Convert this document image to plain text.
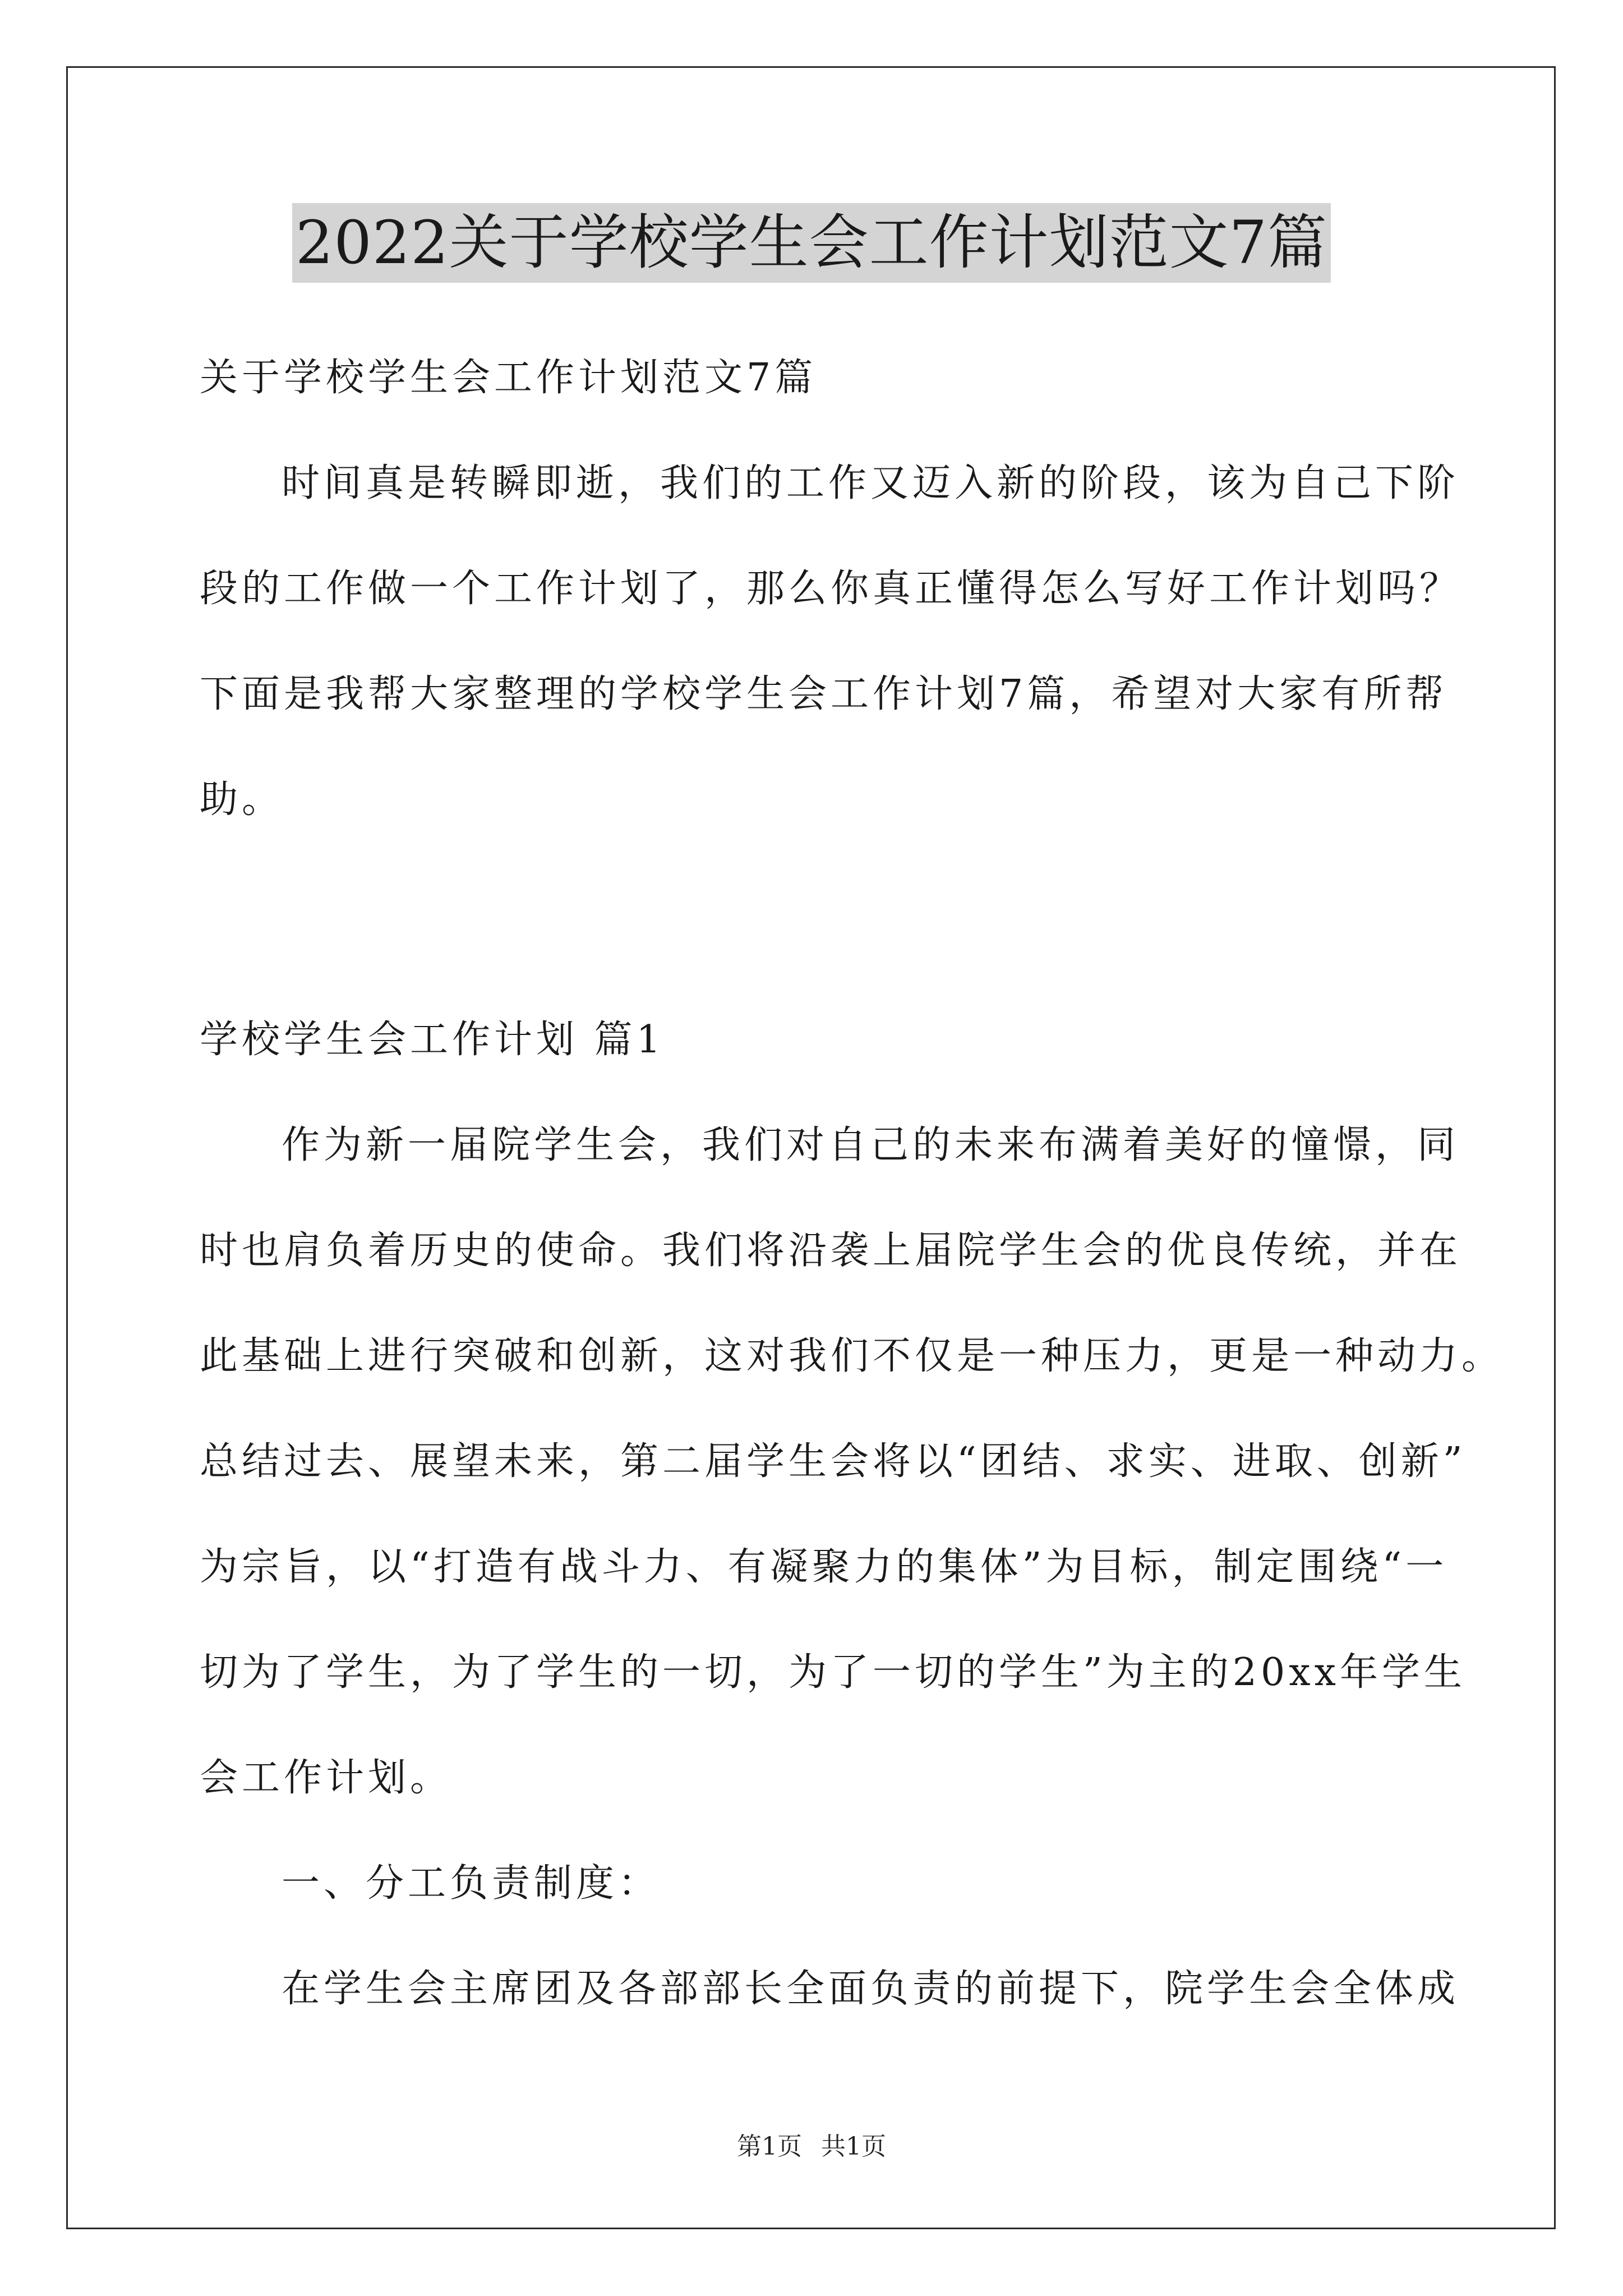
2022关于学校学生会工作计划范文7篇
关于学校学生会工作计划范文7篇
时间真是转瞬即逝，我们的工作又迈入新的阶段，该为自己下阶
段的工作做一个工作计划了，那么你真正懂得怎么写好工作计划吗？
下面是我帮大家整理的学校学生会工作计划7篇，希望对大家有所帮
助。
学校学生会工作计划 篇1
作为新一届院学生会，我们对自己的未来布满着美好的憧憬，同
时也肩负着历史的使命。我们将沿袭上届院学生会的优良传统，并在
此基础上进行突破和创新，这对我们不仅是一种压力，更是一种动力。
总结过去、展望未来，第二届学生会将以“团结、求实、进取、创新”
为宗旨，以“打造有战斗力、有凝聚力的集体”为目标，制定围绕“一
切为了学生，为了学生的一切，为了一切的学生”为主的20xx年学生
会工作计划。
一、分工负责制度：
在学生会主席团及各部部长全面负责的前提下，院学生会全体成
第1页 共1页
